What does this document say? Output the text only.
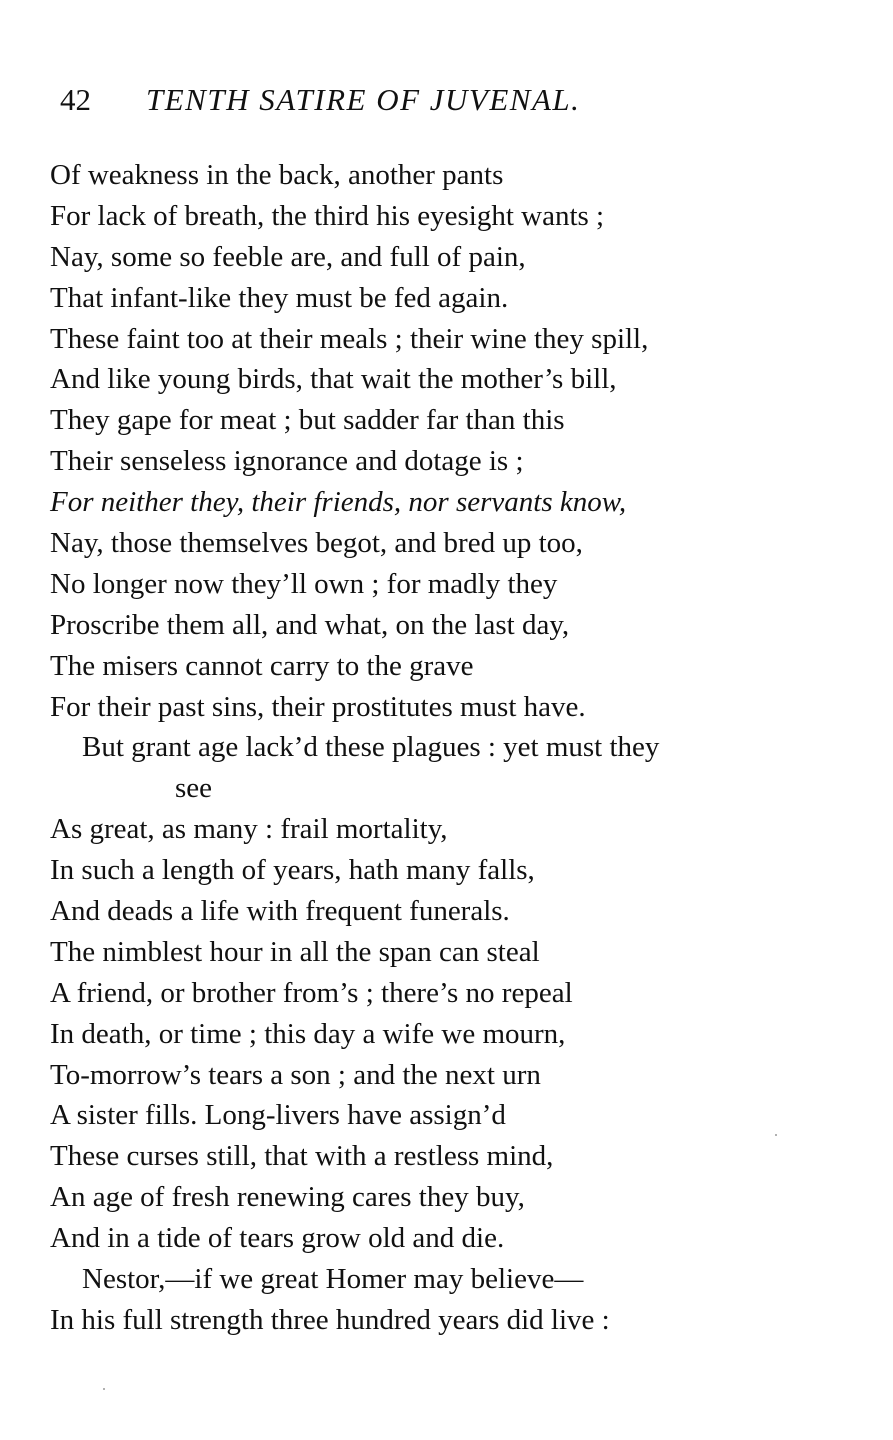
42 TENTH SATIRE OF JUVENAL.
Of weakness in the back, another pants
For lack of breath, the third his eyesight wants ;
Nay, some so feeble are, and full of pain,
That infant-like they must be fed again.
These faint too at their meals ; their wine they spill,
And like young birds, that wait the mother’s bill,
They gape for meat ; but sadder far than this
Their senseless ignorance and dotage is ;
For neither they, their friends, nor servants know,
Nay, those themselves begot, and bred up too,
No longer now they’ll own ; for madly they
Proscribe them all, and what, on the last day,
The misers cannot carry to the grave
For their past sins, their prostitutes must have.
But grant age lack’d these plagues : yet must they
see
As great, as many : frail mortality,
In such a length of years, hath many falls,
And deads a life with frequent funerals.
The nimblest hour in all the span can steal
A friend, or brother from’s ; there’s no repeal
In death, or time ; this day a wife we mourn,
To-morrow’s tears a son ; and the next urn
A sister fills. Long-livers have assign’d
These curses still, that with a restless mind,
An age of fresh renewing cares they buy,
And in a tide of tears grow old and die.
Nestor,—if we great Homer may believe—
In his full strength three hundred years did live :
